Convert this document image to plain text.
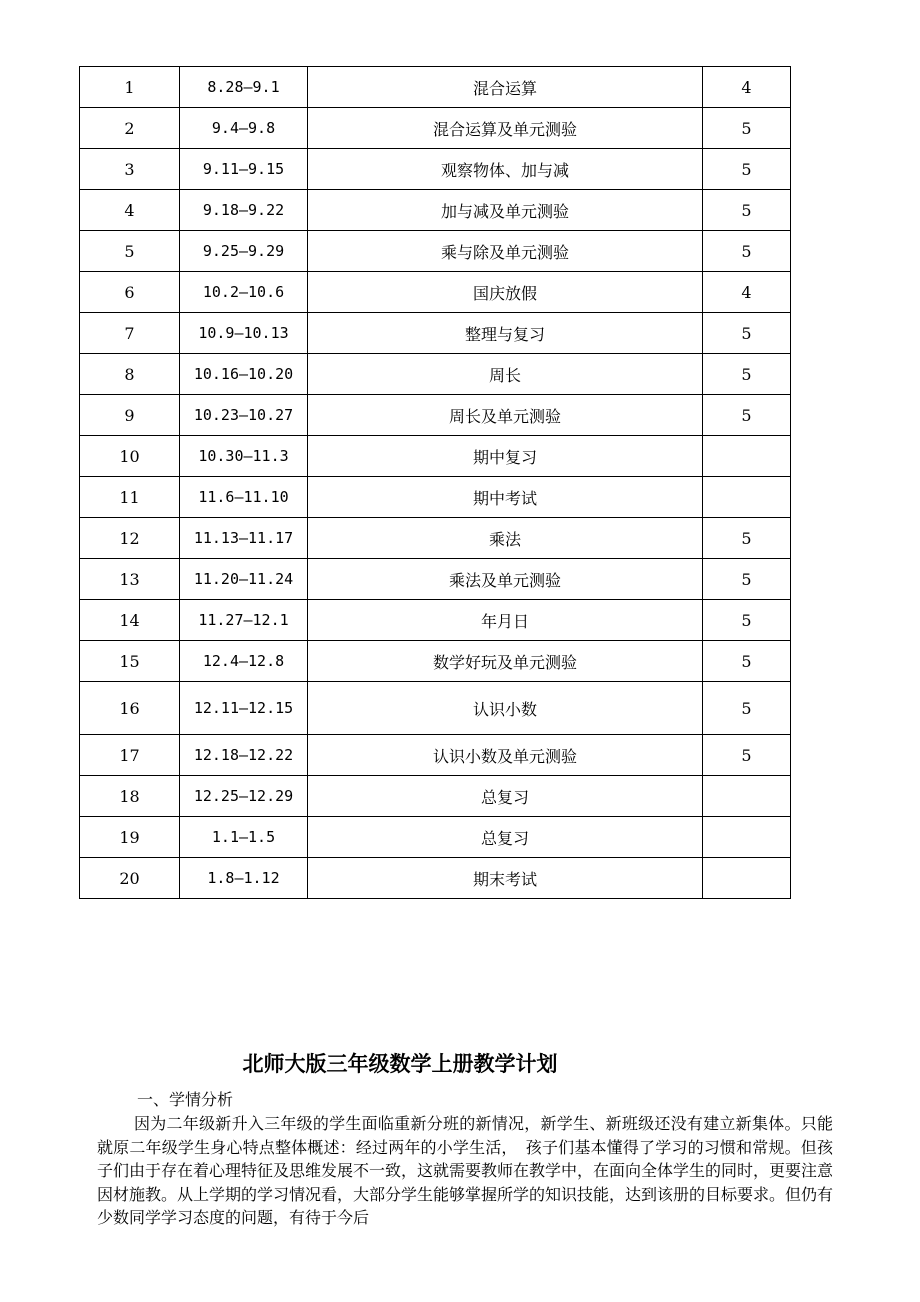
1	8.28—9.1	混合运算	4
2	9.4—9.8	混合运算及单元测验	5
3	9.11—9.15	观察物体、加与减	5
4	9.18—9.22	加与减及单元测验	5
5	9.25—9.29	乘与除及单元测验	5
6	10.2—10.6	国庆放假	4
7	10.9—10.13	整理与复习	5
8	10.16—10.20	周长	5
9	10.23—10.27	周长及单元测验	5
10	10.30—11.3	期中复习	
11	11.6—11.10	期中考试	
12	11.13—11.17	乘法	5
13	11.20—11.24	乘法及单元测验	5
14	11.27—12.1	年月日	5
15	12.4—12.8	数学好玩及单元测验	5
16	12.11—12.15	认识小数	5
17	12.18—12.22	认识小数及单元测验	5
18	12.25—12.29	总复习	
19	1.1—1.5	总复习	
20	1.8—1.12	期末考试	
北师大版三年级数学上册教学计划

一、学情分析

因为二年级新升入三年级的学生面临重新分班的新情况，新学生、新班级还没有建立新集体。只能就原二年级学生身心特点整体概述：经过两年的小学生活，　孩子们基本懂得了学习的习惯和常规。但孩子们由于存在着心理特征及思维发展不一致，这就需要教师在教学中，在面向全体学生的同时，更要注意因材施教。从上学期的学习情况看，大部分学生能够掌握所学的知识技能，达到该册的目标要求。但仍有少数同学学习态度的问题，有待于今后
